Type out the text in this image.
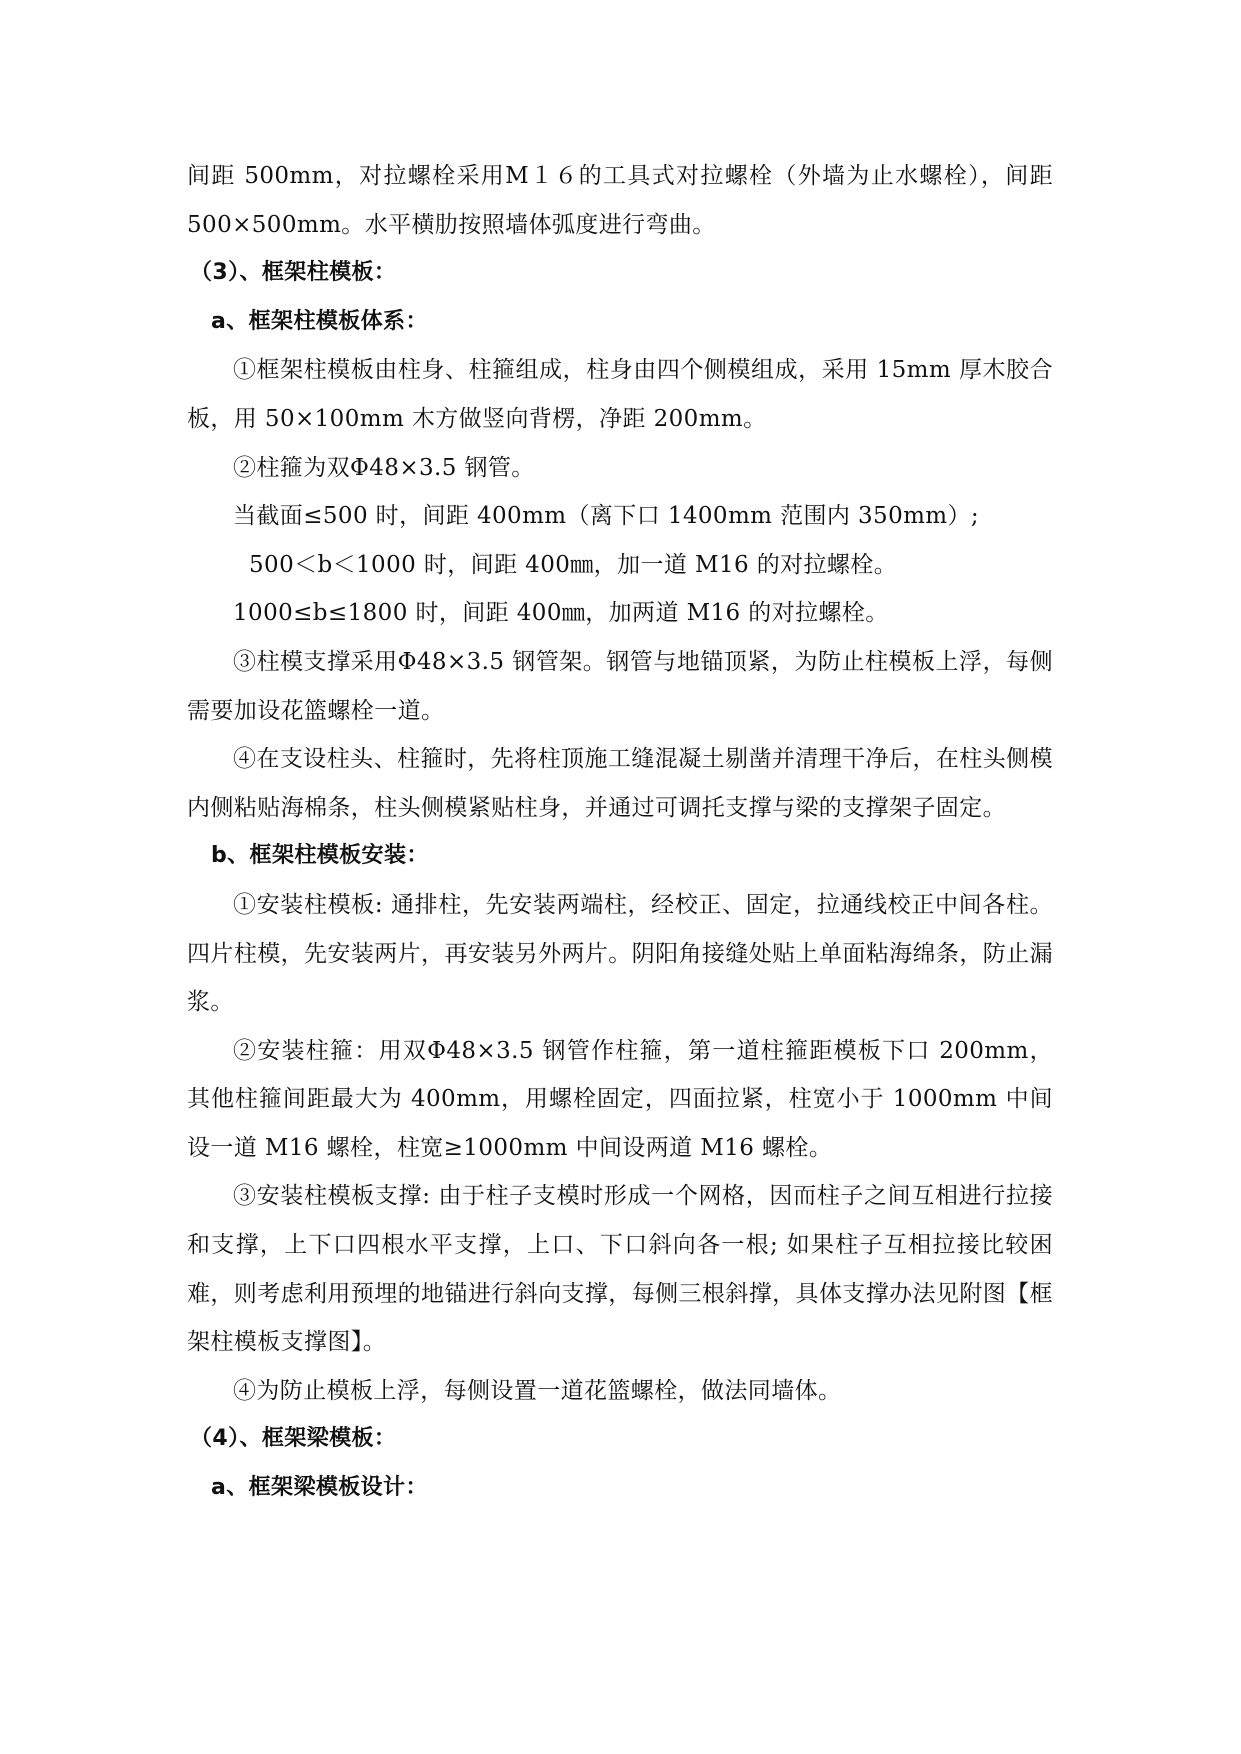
间距 500mm，对拉螺栓采用M１６的工具式对拉螺栓（外墙为止水螺栓），间距 500×500mm。水平横肋按照墙体弧度进行弯曲。

（3）、框架柱模板：

a、框架柱模板体系：

①框架柱模板由柱身、柱箍组成，柱身由四个侧模组成，采用 15mm 厚木胶合板，用 50×100mm 木方做竖向背楞，净距 200mm。

②柱箍为双Φ48×3.5 钢管。

当截面≤500 时，间距 400mm（离下口 1400mm 范围内 350mm）;

500＜b＜1000 时，间距 400㎜，加一道 M16 的对拉螺栓。

1000≤b≤1800 时，间距 400㎜，加两道 M16 的对拉螺栓。

③柱模支撑采用Φ48×3.5 钢管架。钢管与地锚顶紧，为防止柱模板上浮，每侧需要加设花篮螺栓一道。

④在支设柱头、柱箍时，先将柱顶施工缝混凝土剔凿并清理干净后，在柱头侧模内侧粘贴海棉条，柱头侧模紧贴柱身，并通过可调托支撑与梁的支撑架子固定。

b、框架柱模板安装：

①安装柱模板: 通排柱，先安装两端柱，经校正、固定，拉通线校正中间各柱。四片柱模，先安装两片，再安装另外两片。阴阳角接缝处贴上单面粘海绵条，防止漏浆。

②安装柱箍：用双Φ48×3.5 钢管作柱箍，第一道柱箍距模板下口 200mm，其他柱箍间距最大为 400mm，用螺栓固定，四面拉紧，柱宽小于 1000mm 中间设一道 M16 螺栓，柱宽≥1000mm 中间设两道 M16 螺栓。

③安装柱模板支撑: 由于柱子支模时形成一个网格，因而柱子之间互相进行拉接和支撑，上下口四根水平支撑，上口、下口斜向各一根; 如果柱子互相拉接比较困难，则考虑利用预埋的地锚进行斜向支撑，每侧三根斜撑，具体支撑办法见附图【框架柱模板支撑图】。

④为防止模板上浮，每侧设置一道花篮螺栓，做法同墙体。

（4）、框架梁模板：

a、框架梁模板设计：
